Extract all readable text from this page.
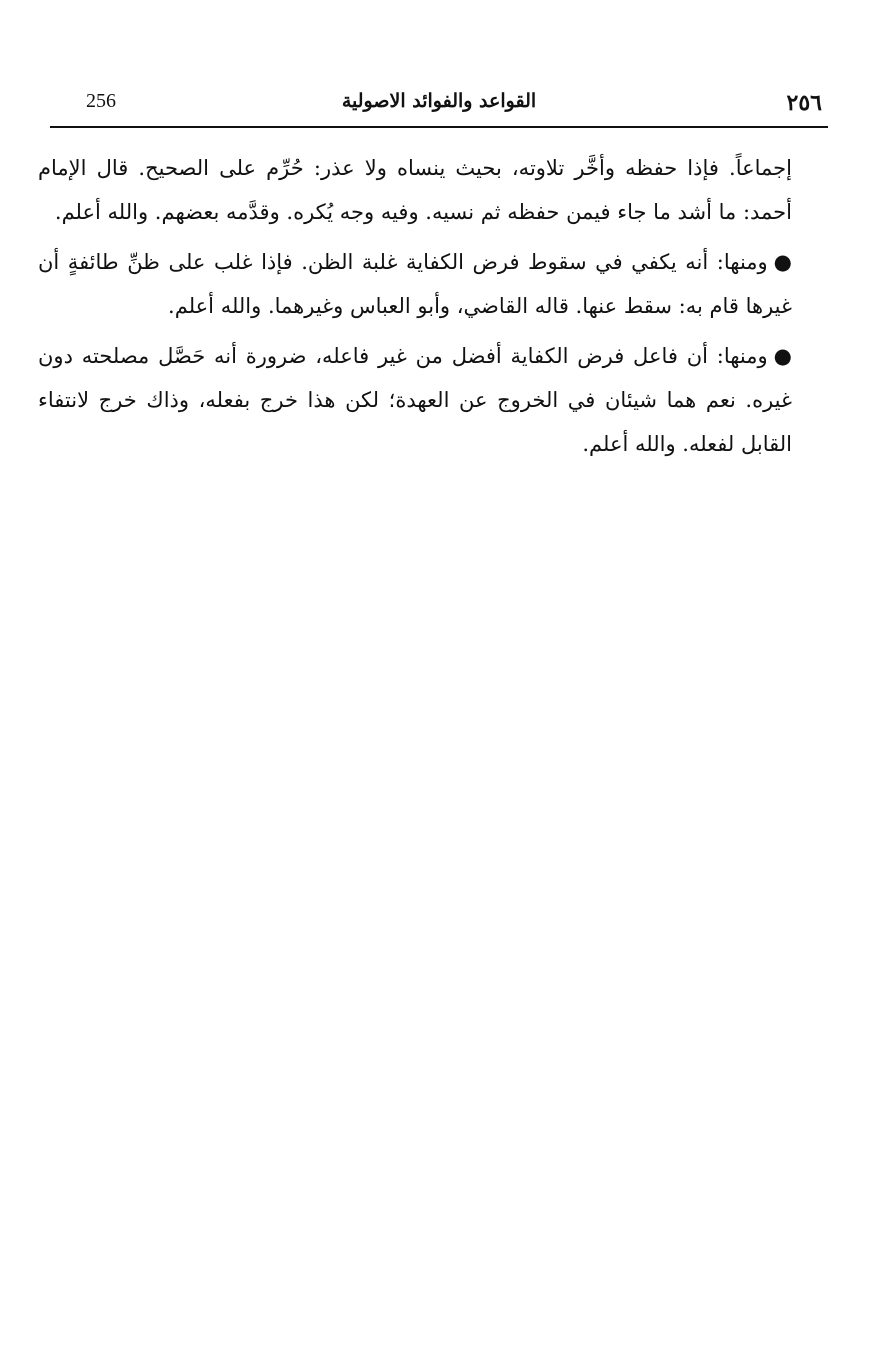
٢٥٦
القواعد والفوائد الاصولية
256

إجماعاً. فإذا حفظه وأخَّر تلاوته، بحيث ينساه ولا عذر: حُرِّم على الصحيح. قال الإمام أحمد: ما أشد ما جاء فيمن حفظه ثم نسيه. وفيه وجه يُكره. وقدَّمه بعضهم. والله أعلم.

●ومنها: أنه يكفي في سقوط فرض الكفاية غلبة الظن. فإذا غلب على ظنِّ طائفةٍ أن غيرها قام به: سقط عنها. قاله القاضي، وأبو العباس وغيرهما. والله أعلم.

●ومنها: أن فاعل فرض الكفاية أفضل من غير فاعله، ضرورة أنه حَصَّل مصلحته دون غيره. نعم هما شيئان في الخروج عن العهدة؛ لكن هذا خرج بفعله، وذاك خرج لانتفاء القابل لفعله. والله أعلم.
